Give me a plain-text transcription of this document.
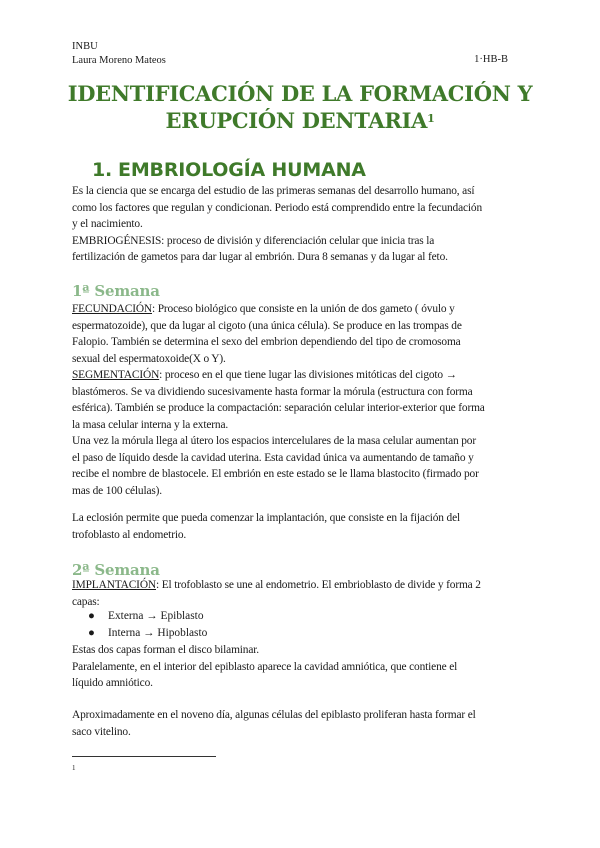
INBU
Laura Moreno Mateos	1·HB-B
IDENTIFICACIÓN DE LA FORMACIÓN Y
ERUPCIÓN DENTARIA$^1$
1. EMBRIOLOGÍA HUMANA
Es la ciencia que se encarga del estudio de las primeras semanas del desarrollo humano, así
como los factores que regulan y condicionan. Periodo está comprendido entre la fecundación
y el nacimiento.
EMBRIOGÉNESIS: proceso de división y diferenciación celular que inicia tras la
fertilización de gametos para dar lugar al embrión. Dura 8 semanas y da lugar al feto.
1ª Semana
FECUNDACIÓN: Proceso biológico que consiste en la unión de dos gameto ( óvulo y
espermatozoide), que da lugar al cigoto (una única célula). Se produce en las trompas de
Falopio. También se determina el sexo del embrion dependiendo del tipo de cromosoma
sexual del espermatoxoide(X o Y).
SEGMENTACIÓN: proceso en el que tiene lugar las divisiones mitóticas del cigoto →
blastómeros. Se va dividiendo sucesivamente hasta formar la mórula (estructura con forma
esférica). También se produce la compactación: separación celular interior-exterior que forma
la masa celular interna y la externa.
Una vez la mórula llega al útero los espacios intercelulares de la masa celular aumentan por
el paso de líquido desde la cavidad uterina. Esta cavidad única va aumentando de tamaño y
recibe el nombre de blastocele. El embrión en este estado se le llama blastocito (firmado por
mas de 100 células).
La eclosión permite que pueda comenzar la implantación, que consiste en la fijación del
trofoblasto al endometrio.
2ª Semana
IMPLANTACIÓN: El trofoblasto se une al endometrio. El embrioblasto de divide y forma 2
capas:
● Externa → Epiblasto
● Interna → Hipoblasto
Estas dos capas forman el disco bilaminar.
Paralelamente, en el interior del epiblasto aparece la cavidad amniótica, que contiene el
líquido amniótico.
Aproximadamente en el noveno día, algunas células del epiblasto proliferan hasta formar el
saco vitelino.
1
